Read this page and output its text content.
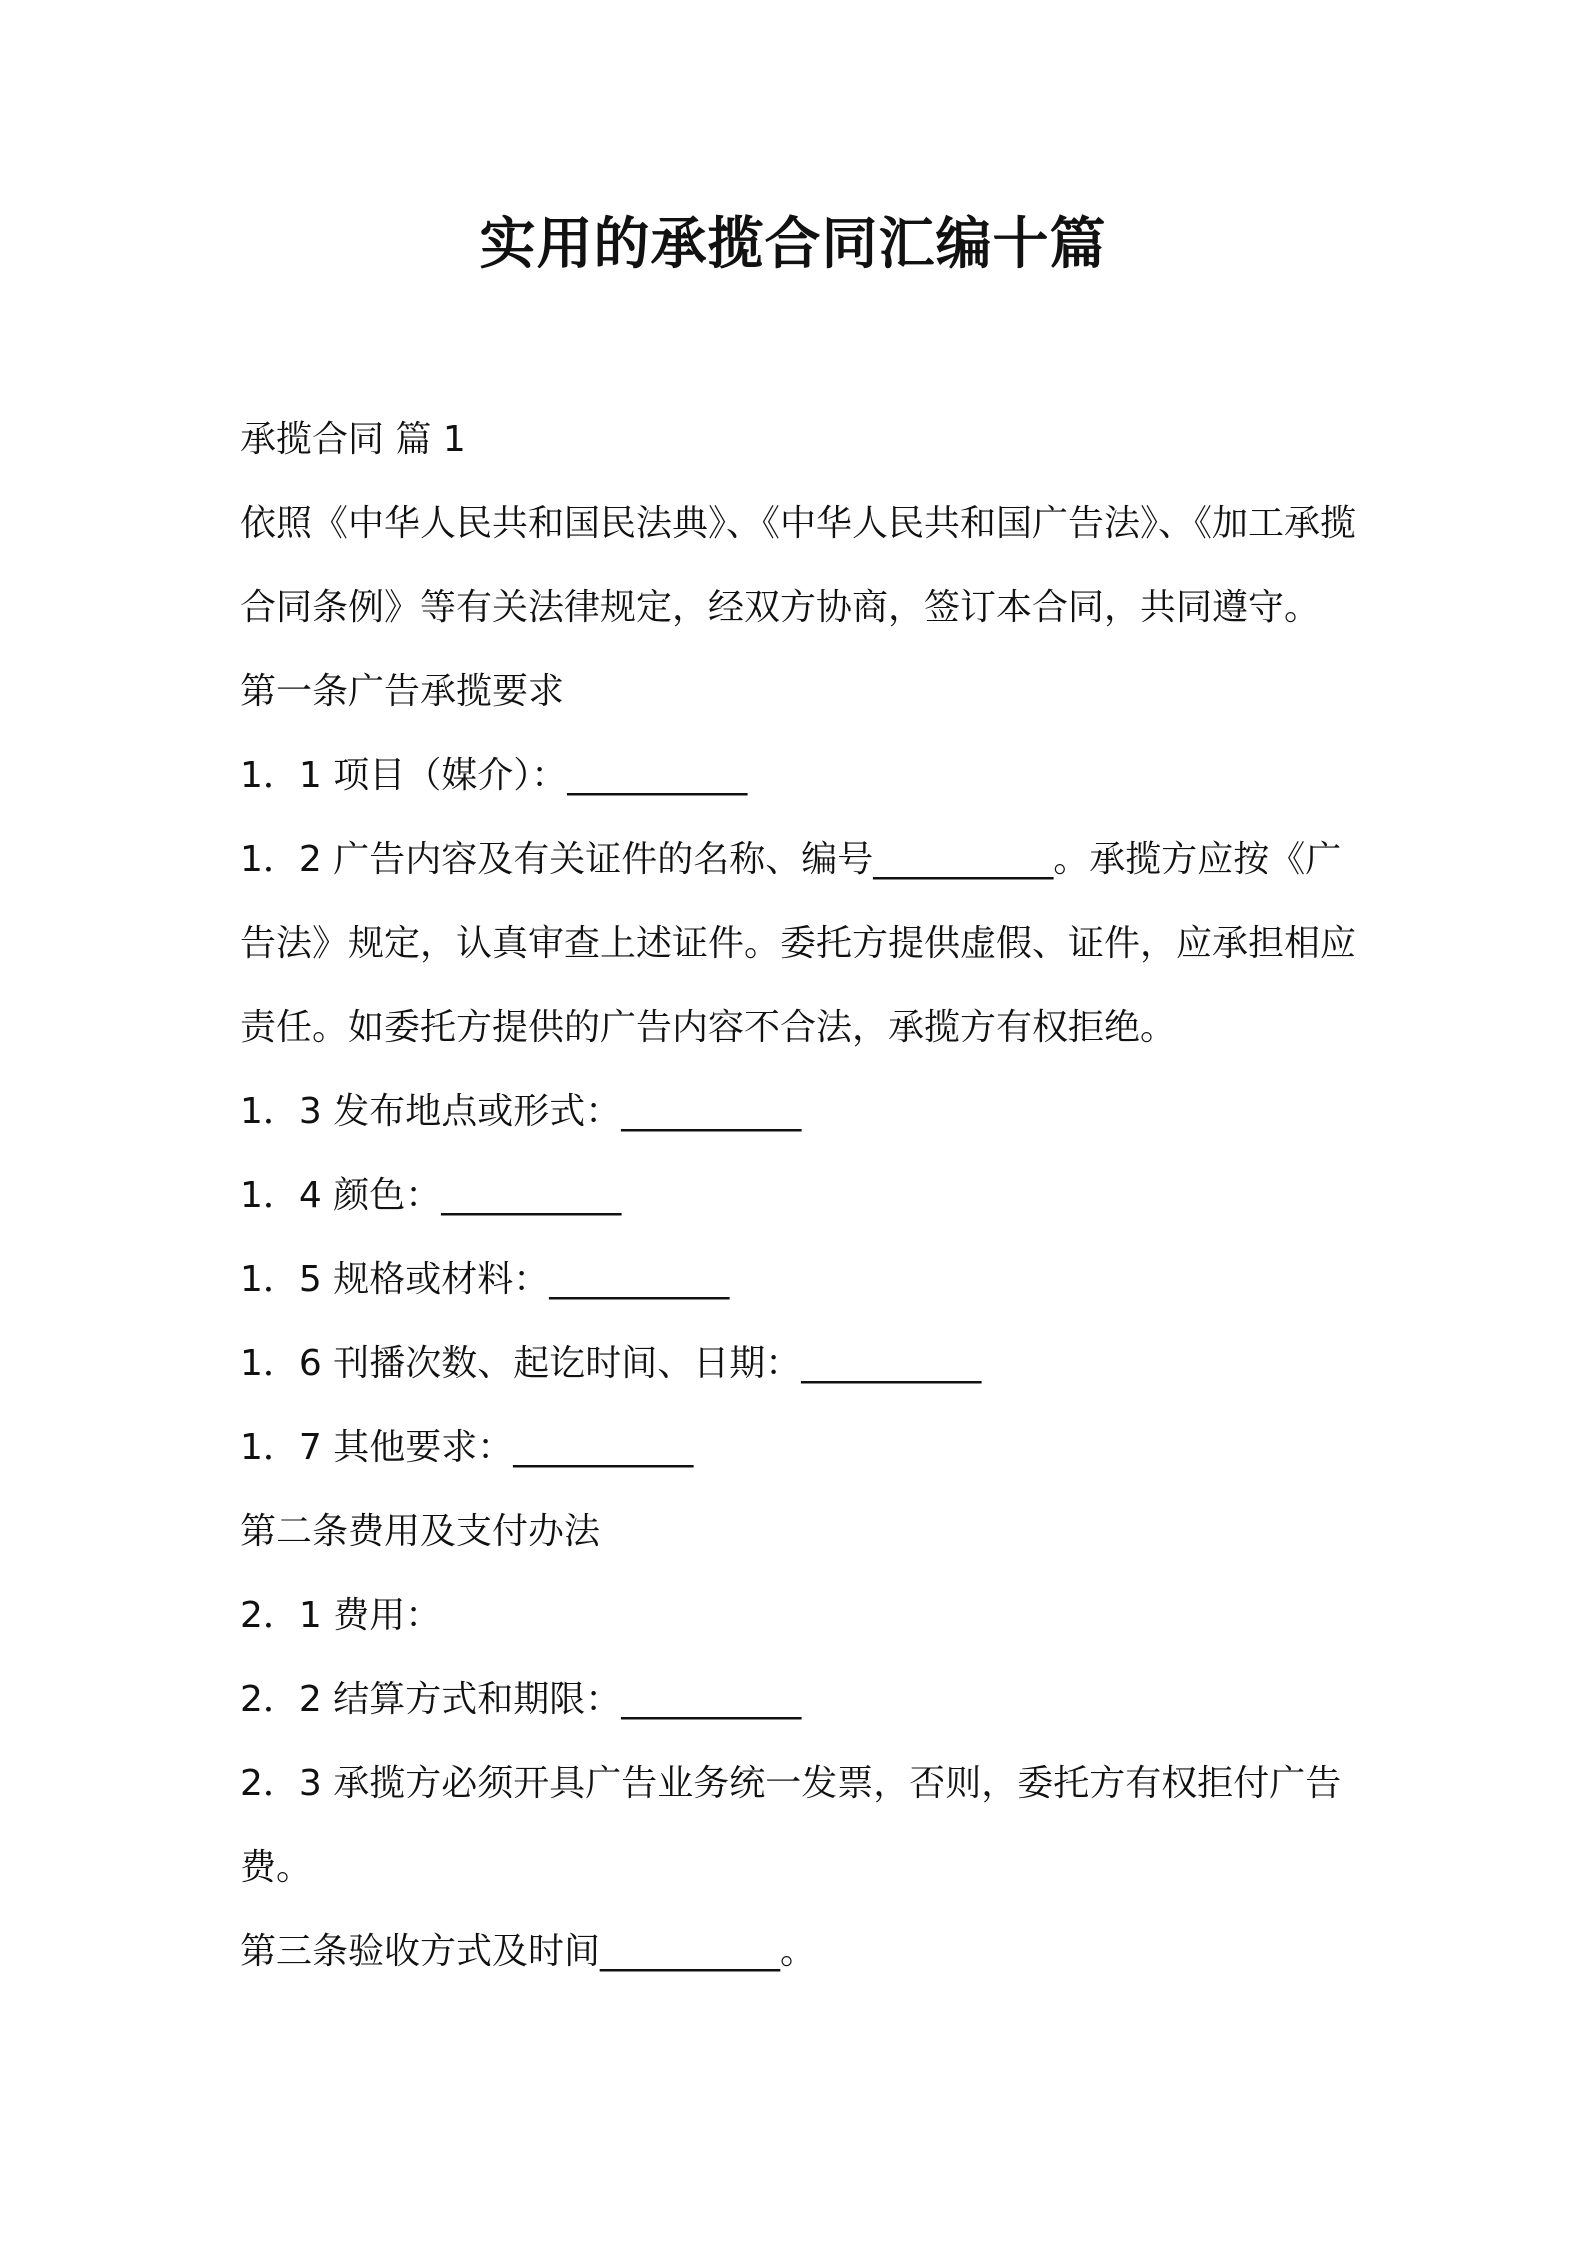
实用的承揽合同汇编十篇

承揽合同 篇 1

依照《中华人民共和国民法典》、《中华人民共和国广告法》、《加工承揽合同条例》等有关法律规定，经双方协商，签订本合同，共同遵守。

第一条广告承揽要求

1．1 项目（媒介）：__________

1．2 广告内容及有关证件的名称、编号__________。承揽方应按《广告法》规定，认真审查上述证件。委托方提供虚假、证件，应承担相应责任。如委托方提供的广告内容不合法，承揽方有权拒绝。

1．3 发布地点或形式：__________

1．4 颜色：__________

1．5 规格或材料：__________

1．6 刊播次数、起讫时间、日期：__________

1．7 其他要求：__________

第二条费用及支付办法

2．1 费用：

2．2 结算方式和期限：__________

2．3 承揽方必须开具广告业务统一发票，否则，委托方有权拒付广告费。

第三条验收方式及时间__________。
